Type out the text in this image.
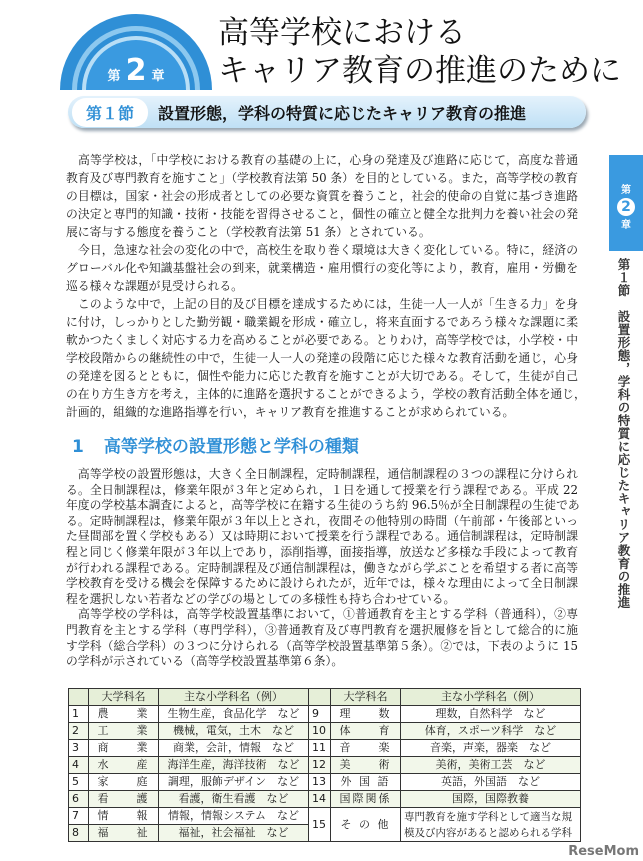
第 2 章
高等学校における
キャリア教育の推進のために
第１節	設置形態，学科の特質に応じたキャリア教育の推進
第
2
章
第１節　設置形態，学科の特質に応じたキャリア教育の推進
　高等学校は，「中学校における教育の基礎の上に，心身の発達及び進路に応じて，高度な普通
教育及び専門教育を施すこと」（学校教育法第 50 条）を目的としている。また，高等学校の教育
の目標は，国家・社会の形成者としての必要な資質を養うこと，社会的使命の自覚に基づき進路
の決定と専門的知識・技術・技能を習得させること，個性の確立と健全な批判力を養い社会の発
展に寄与する態度を養うこと（学校教育法第 51 条）とされている。
　今日，急速な社会の変化の中で，高校生を取り巻く環境は大きく変化している。特に，経済の
グローバル化や知識基盤社会の到来，就業構造・雇用慣行の変化等により，教育，雇用・労働を
巡る様々な課題が見受けられる。
　このような中で，上記の目的及び目標を達成するためには，生徒一人一人が「生きる力」を身
に付け，しっかりとした勤労観・職業観を形成・確立し，将来直面するであろう様々な課題に柔
軟かつたくましく対応する力を高めることが必要である。とりわけ，高等学校では，小学校・中
学校段階からの継続性の中で，生徒一人一人の発達の段階に応じた様々な教育活動を通じ，心身
の発達を図るとともに，個性や能力に応じた教育を施すことが大切である。そして，生徒が自己
の在り方生き方を考え，主体的に進路を選択することができるよう，学校の教育活動全体を通じ，
計画的，組織的な進路指導を行い，キャリア教育を推進することが求められている。
1 高等学校の設置形態と学科の種類
　高等学校の設置形態は，大きく全日制課程，定時制課程，通信制課程の３つの課程に分けられ
る。全日制課程は，修業年限が３年と定められ，１日を通して授業を行う課程である。平成 22
年度の学校基本調査によると，高等学校に在籍する生徒のうち約 96.5％が全日制課程の生徒であ
る。定時制課程は，修業年限が３年以上とされ，夜間その他特別の時間（午前部・午後部といっ
た昼間部を置く学校もある）又は時期において授業を行う課程である。通信制課程は，定時制課
程と同じく修業年限が３年以上であり，添削指導，面接指導，放送など多様な手段によって教育
が行われる課程である。定時制課程及び通信制課程は，働きながら学ぶことを希望する者に高等
学校教育を受ける機会を保障するために設けられたが，近年では，様々な理由によって全日制課
程を選択しない若者などの学びの場としての多様性も持ち合わせている。
　高等学校の学科は，高等学校設置基準において，①普通教育を主とする学科（普通科），②専
門教育を主とする学科（専門学科），③普通教育及び専門教育を選択履修を旨として総合的に施
す学科（総合学科）の３つに分けられる（高等学校設置基準第５条）。②では，下表のように 15
の学科が示されている（高等学校設置基準第６条）。
	大学科名	主な小学科名（例）		大学科名	主な小学科名（例）
1	農　　業	生物生産，食品化学　など	9	理　　数	理数，自然科学　など
2	工　　業	機械，電気，土木　など	10	体　　育	体育，スポーツ科学　など
3	商　　業	商業，会計，情報　など	11	音　　楽	音楽，声楽，器楽　など
4	水　　産	海洋生産，海洋技術　など	12	美　　術	美術，美術工芸　など
5	家　　庭	調理，服飾デザイン　など	13	外 国 語	英語，外国語　など
6	看　　護	看護，衛生看護　など	14	国際関係	国際，国際教養
7	情　　報	情報，情報システム　など	15	そ の 他	専門教育を施す学科として適当な規
模及び内容があると認められる学科

8	福　　祉	福祉，社会福祉　など			
ReseMom
